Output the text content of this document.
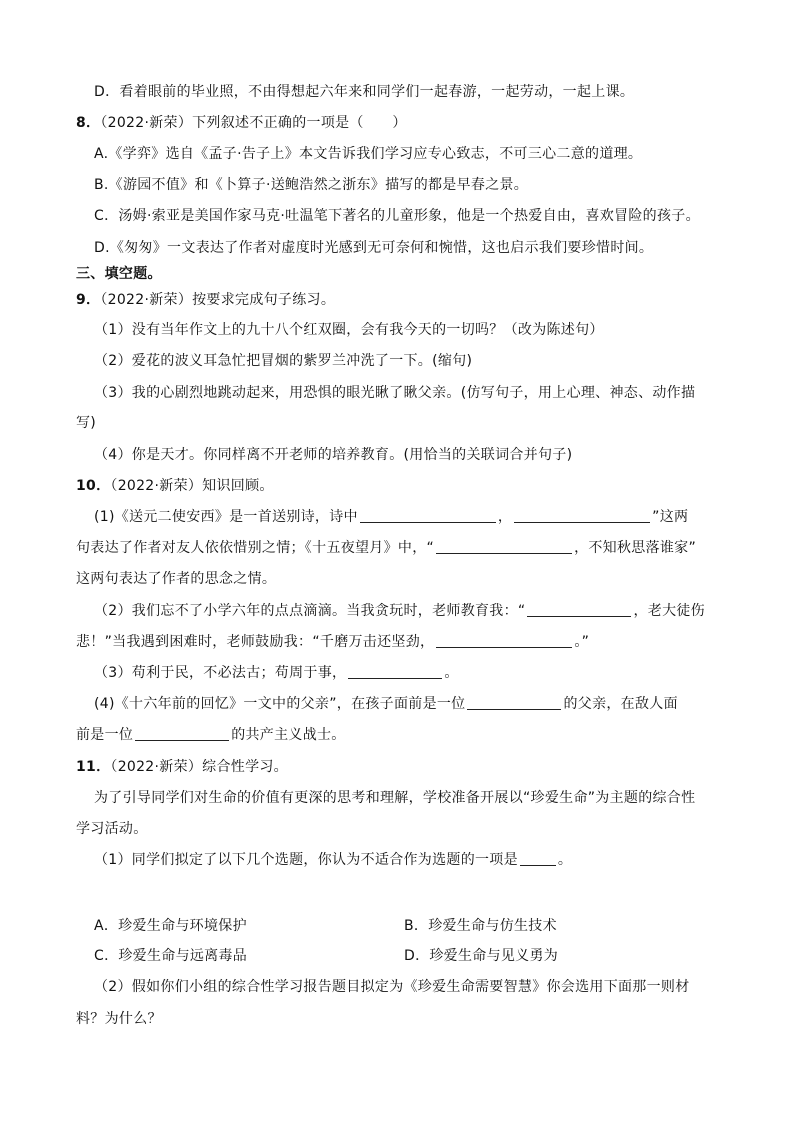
D．看着眼前的毕业照，不由得想起六年来和同学们一起春游，一起劳动，一起上课。
8．（2022·新荣）下列叙述不正确的一项是（　　）
A.《学弈》选自《孟子·告子上》本文告诉我们学习应专心致志，不可三心二意的道理。
B.《游园不值》和《卜算子·送鲍浩然之浙东》描写的都是早春之景。
C．汤姆·索亚是美国作家马克·吐温笔下著名的儿童形象，他是一个热爱自由，喜欢冒险的孩子。
D.《匆匆》一文表达了作者对虚度时光感到无可奈何和惋惜，这也启示我们要珍惜时间。
三、填空题。
9．（2022·新荣）按要求完成句子练习。
（1）没有当年作文上的九十八个红双圈，会有我今天的一切吗？（改为陈述句）
（2）爱花的波义耳急忙把冒烟的紫罗兰冲洗了一下。(缩句)
（3）我的心剧烈地跳动起来，用恐惧的眼光瞅了瞅父亲。(仿写句子，用上心理、神态、动作描
写)
（4）你是天才。你同样离不开老师的培养教育。(用恰当的关联词合并句子)
10．（2022·新荣）知识回顾。
(1)《送元二使安西》是一首送别诗，诗中	，	”这两
句表达了作者对友人依依惜别之情；《十五夜望月》中，“	，不知秋思落谁家”
这两句表达了作者的思念之情。
（2）我们忘不了小学六年的点点滴滴。当我贪玩时，老师教育我：“	，老大徒伤
悲！”当我遇到困难时，老师鼓励我：“千磨万击还坚劲，	。”
（3）苟利于民，不必法古；苟周于事，	。
(4)《十六年前的回忆》一文中的父亲”，在孩子面前是一位	的父亲，在敌人面
前是一位	的共产主义战士。
11．（2022·新荣）综合性学习。
为了引导同学们对生命的价值有更深的思考和理解，学校准备开展以“珍爱生命”为主题的综合性
学习活动。
（1）同学们拟定了以下几个选题，你认为不适合作为选题的一项是	。
A．珍爱生命与环境保护	B．珍爱生命与仿生技术
C．珍爱生命与远离毒品	D．珍爱生命与见义勇为
（2）假如你们小组的综合性学习报告题目拟定为《珍爱生命需要智慧》你会选用下面那一则材
料？为什么？
